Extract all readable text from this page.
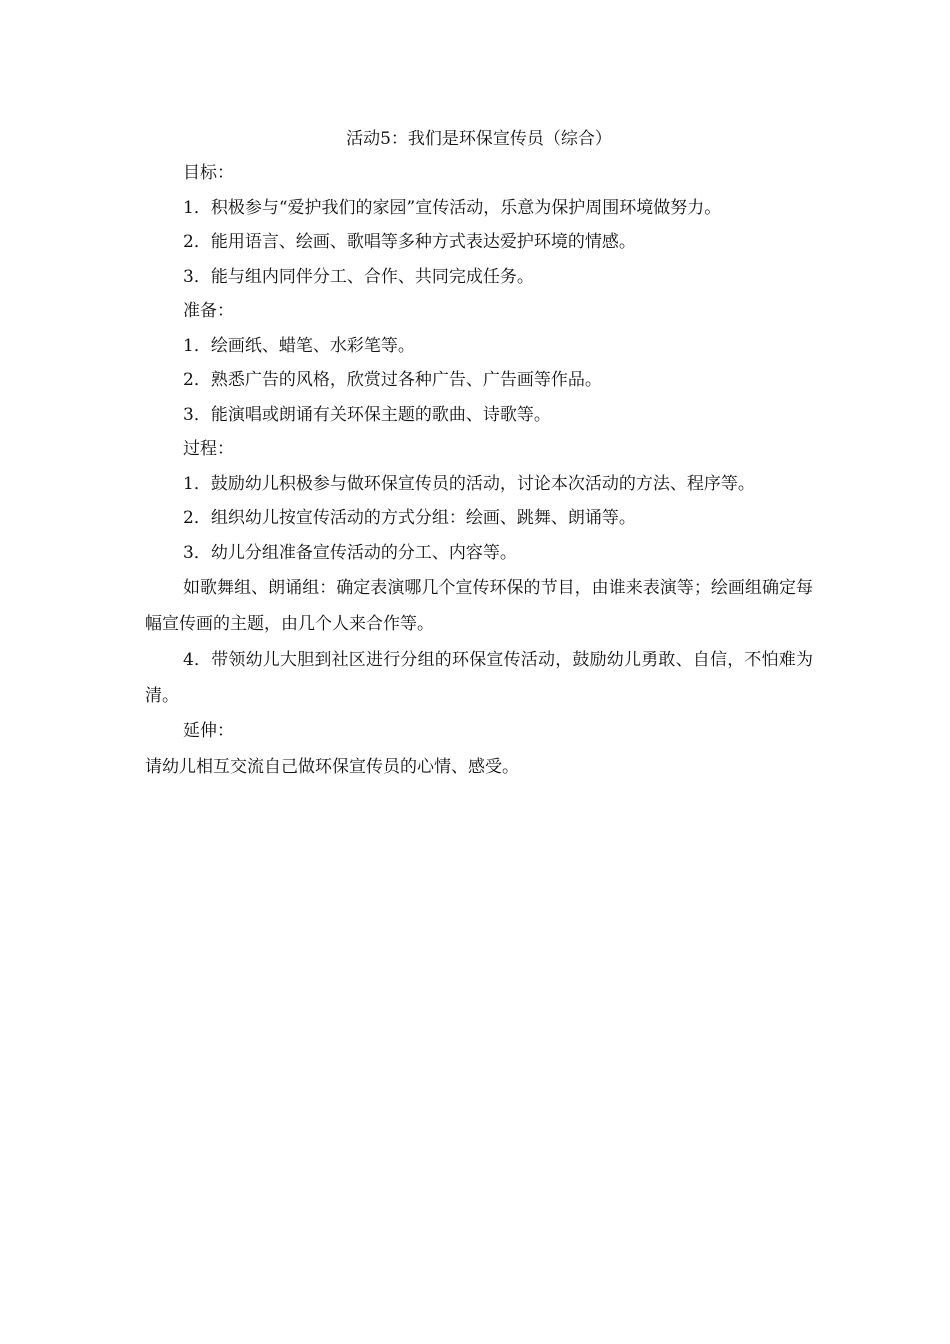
活动5：我们是环保宣传员（综合）

目标：

1．积极参与“爱护我们的家园”宣传活动，乐意为保护周围环境做努力。

2．能用语言、绘画、歌唱等多种方式表达爱护环境的情感。

3．能与组内同伴分工、合作、共同完成任务。

准备：

1．绘画纸、蜡笔、水彩笔等。

2．熟悉广告的风格，欣赏过各种广告、广告画等作品。

3．能演唱或朗诵有关环保主题的歌曲、诗歌等。

过程：

1．鼓励幼儿积极参与做环保宣传员的活动，讨论本次活动的方法、程序等。

2．组织幼儿按宣传活动的方式分组：绘画、跳舞、朗诵等。

3．幼儿分组准备宣传活动的分工、内容等。

如歌舞组、朗诵组：确定表演哪几个宣传环保的节目，由谁来表演等；绘画组确定每幅宣传画的主题，由几个人来合作等。

4．带领幼儿大胆到社区进行分组的环保宣传活动，鼓励幼儿勇敢、自信，不怕难为清。

延伸：

请幼儿相互交流自己做环保宣传员的心情、感受。
